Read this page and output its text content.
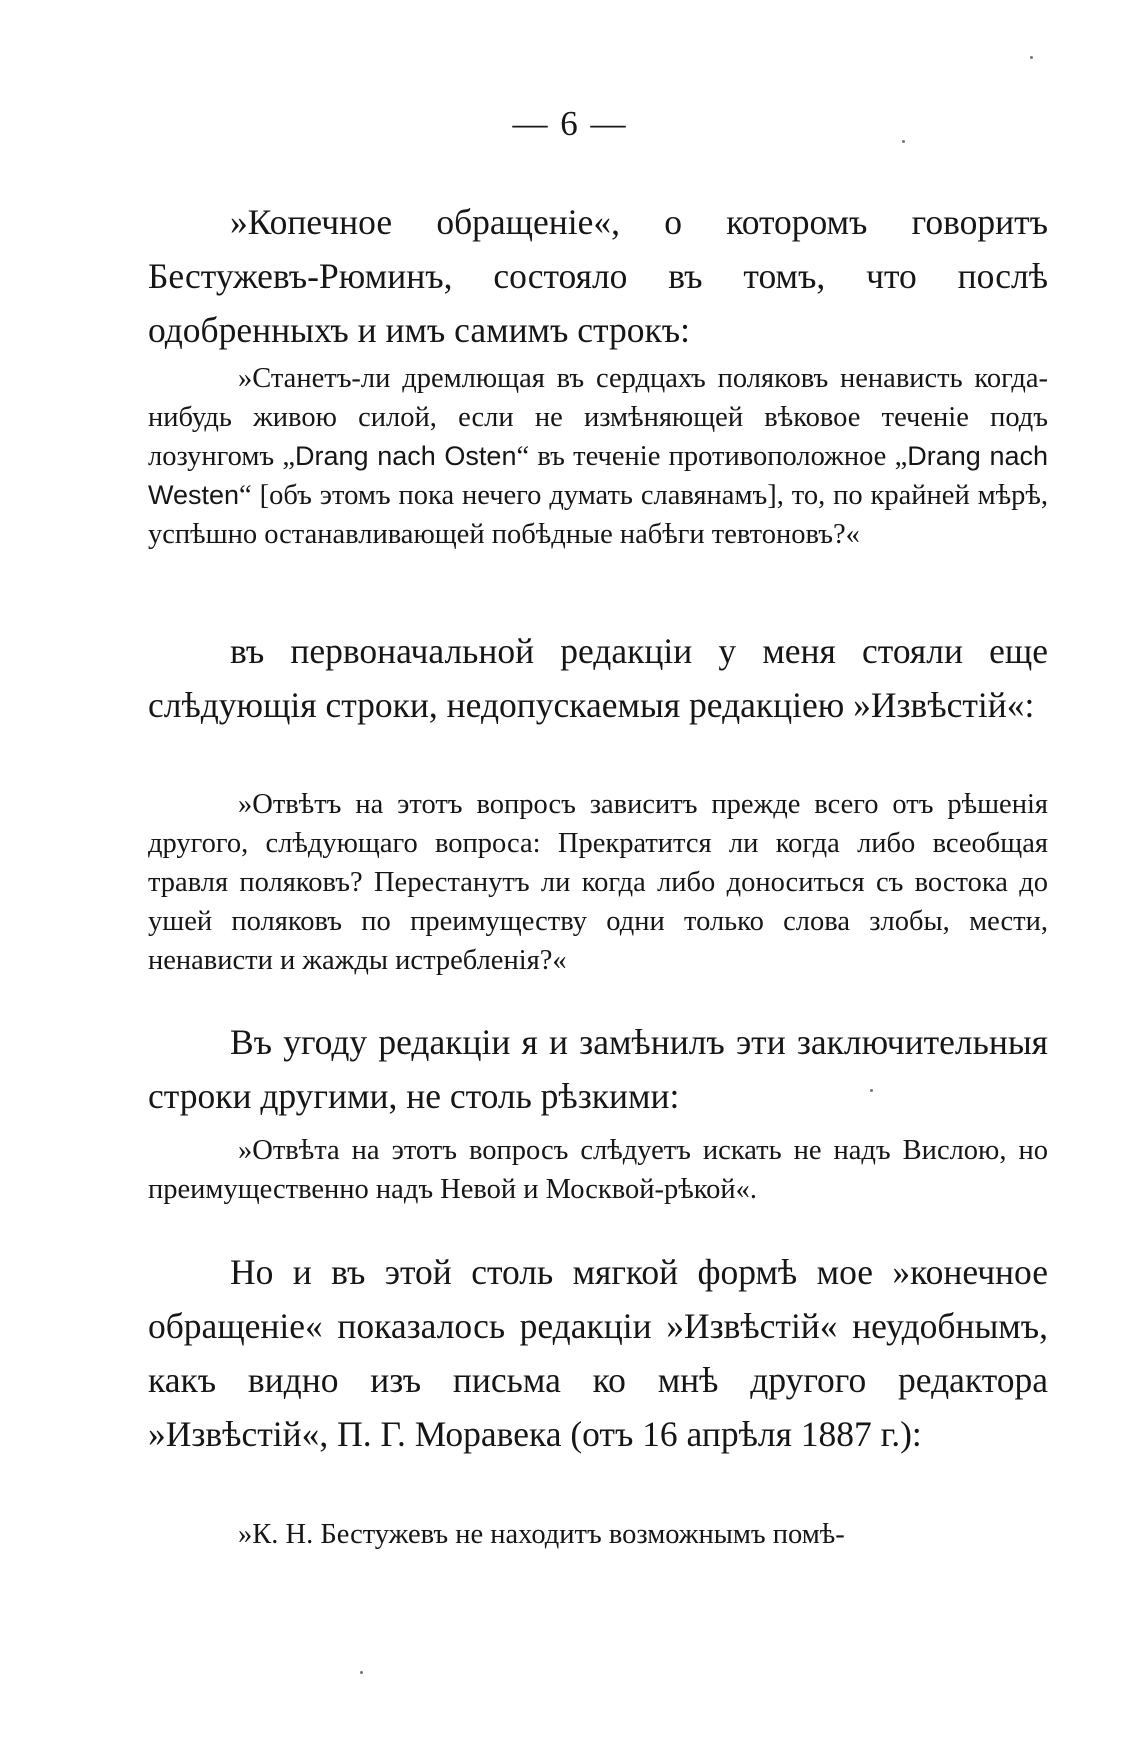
— 6 —

»Копечное обращеніе«, о которомъ говоритъ Бестужевъ-Рюминъ, состояло въ томъ, что послѣ одобренныхъ и имъ самимъ строкъ:

»Станетъ-ли дремлющая въ сердцахъ поляковъ ненависть когда-нибудь живою силой, если не измѣняющей вѣковое теченіе подъ лозунгомъ „Drang nach Osten“ въ теченіе противоположное „Drang nach Westen“ [объ этомъ пока нечего думать славянамъ], то, по крайней мѣрѣ, успѣшно останавливающей побѣдные набѣги тевтоновъ?«

въ первоначальной редакціи у меня стояли еще слѣдующія строки, недопускаемыя редакціею »Извѣстій«:

»Отвѣтъ на этотъ вопросъ зависитъ прежде всего отъ рѣшенія другого, слѣдующаго вопроса: Прекратится ли когда либо всеобщая травля поляковъ? Перестанутъ ли когда либо доноситься съ востока до ушей поляковъ по преимуществу одни только слова злобы, мести, ненависти и жажды истребленія?«

Въ угоду редакціи я и замѣнилъ эти заключительныя строки другими, не столь рѣзкими:

»Отвѣта на этотъ вопросъ слѣдуетъ искать не надъ Вислою, но преимущественно надъ Невой и Москвой-рѣкой«.

Но и въ этой столь мягкой формѣ мое »конечное обращеніе« показалось редакціи »Извѣстій« неудобнымъ, какъ видно изъ письма ко мнѣ другого редактора »Извѣстій«, П. Г. Моравека (отъ 16 апрѣля 1887 г.):

»К. Н. Бестужевъ не находитъ возможнымъ помѣ-
